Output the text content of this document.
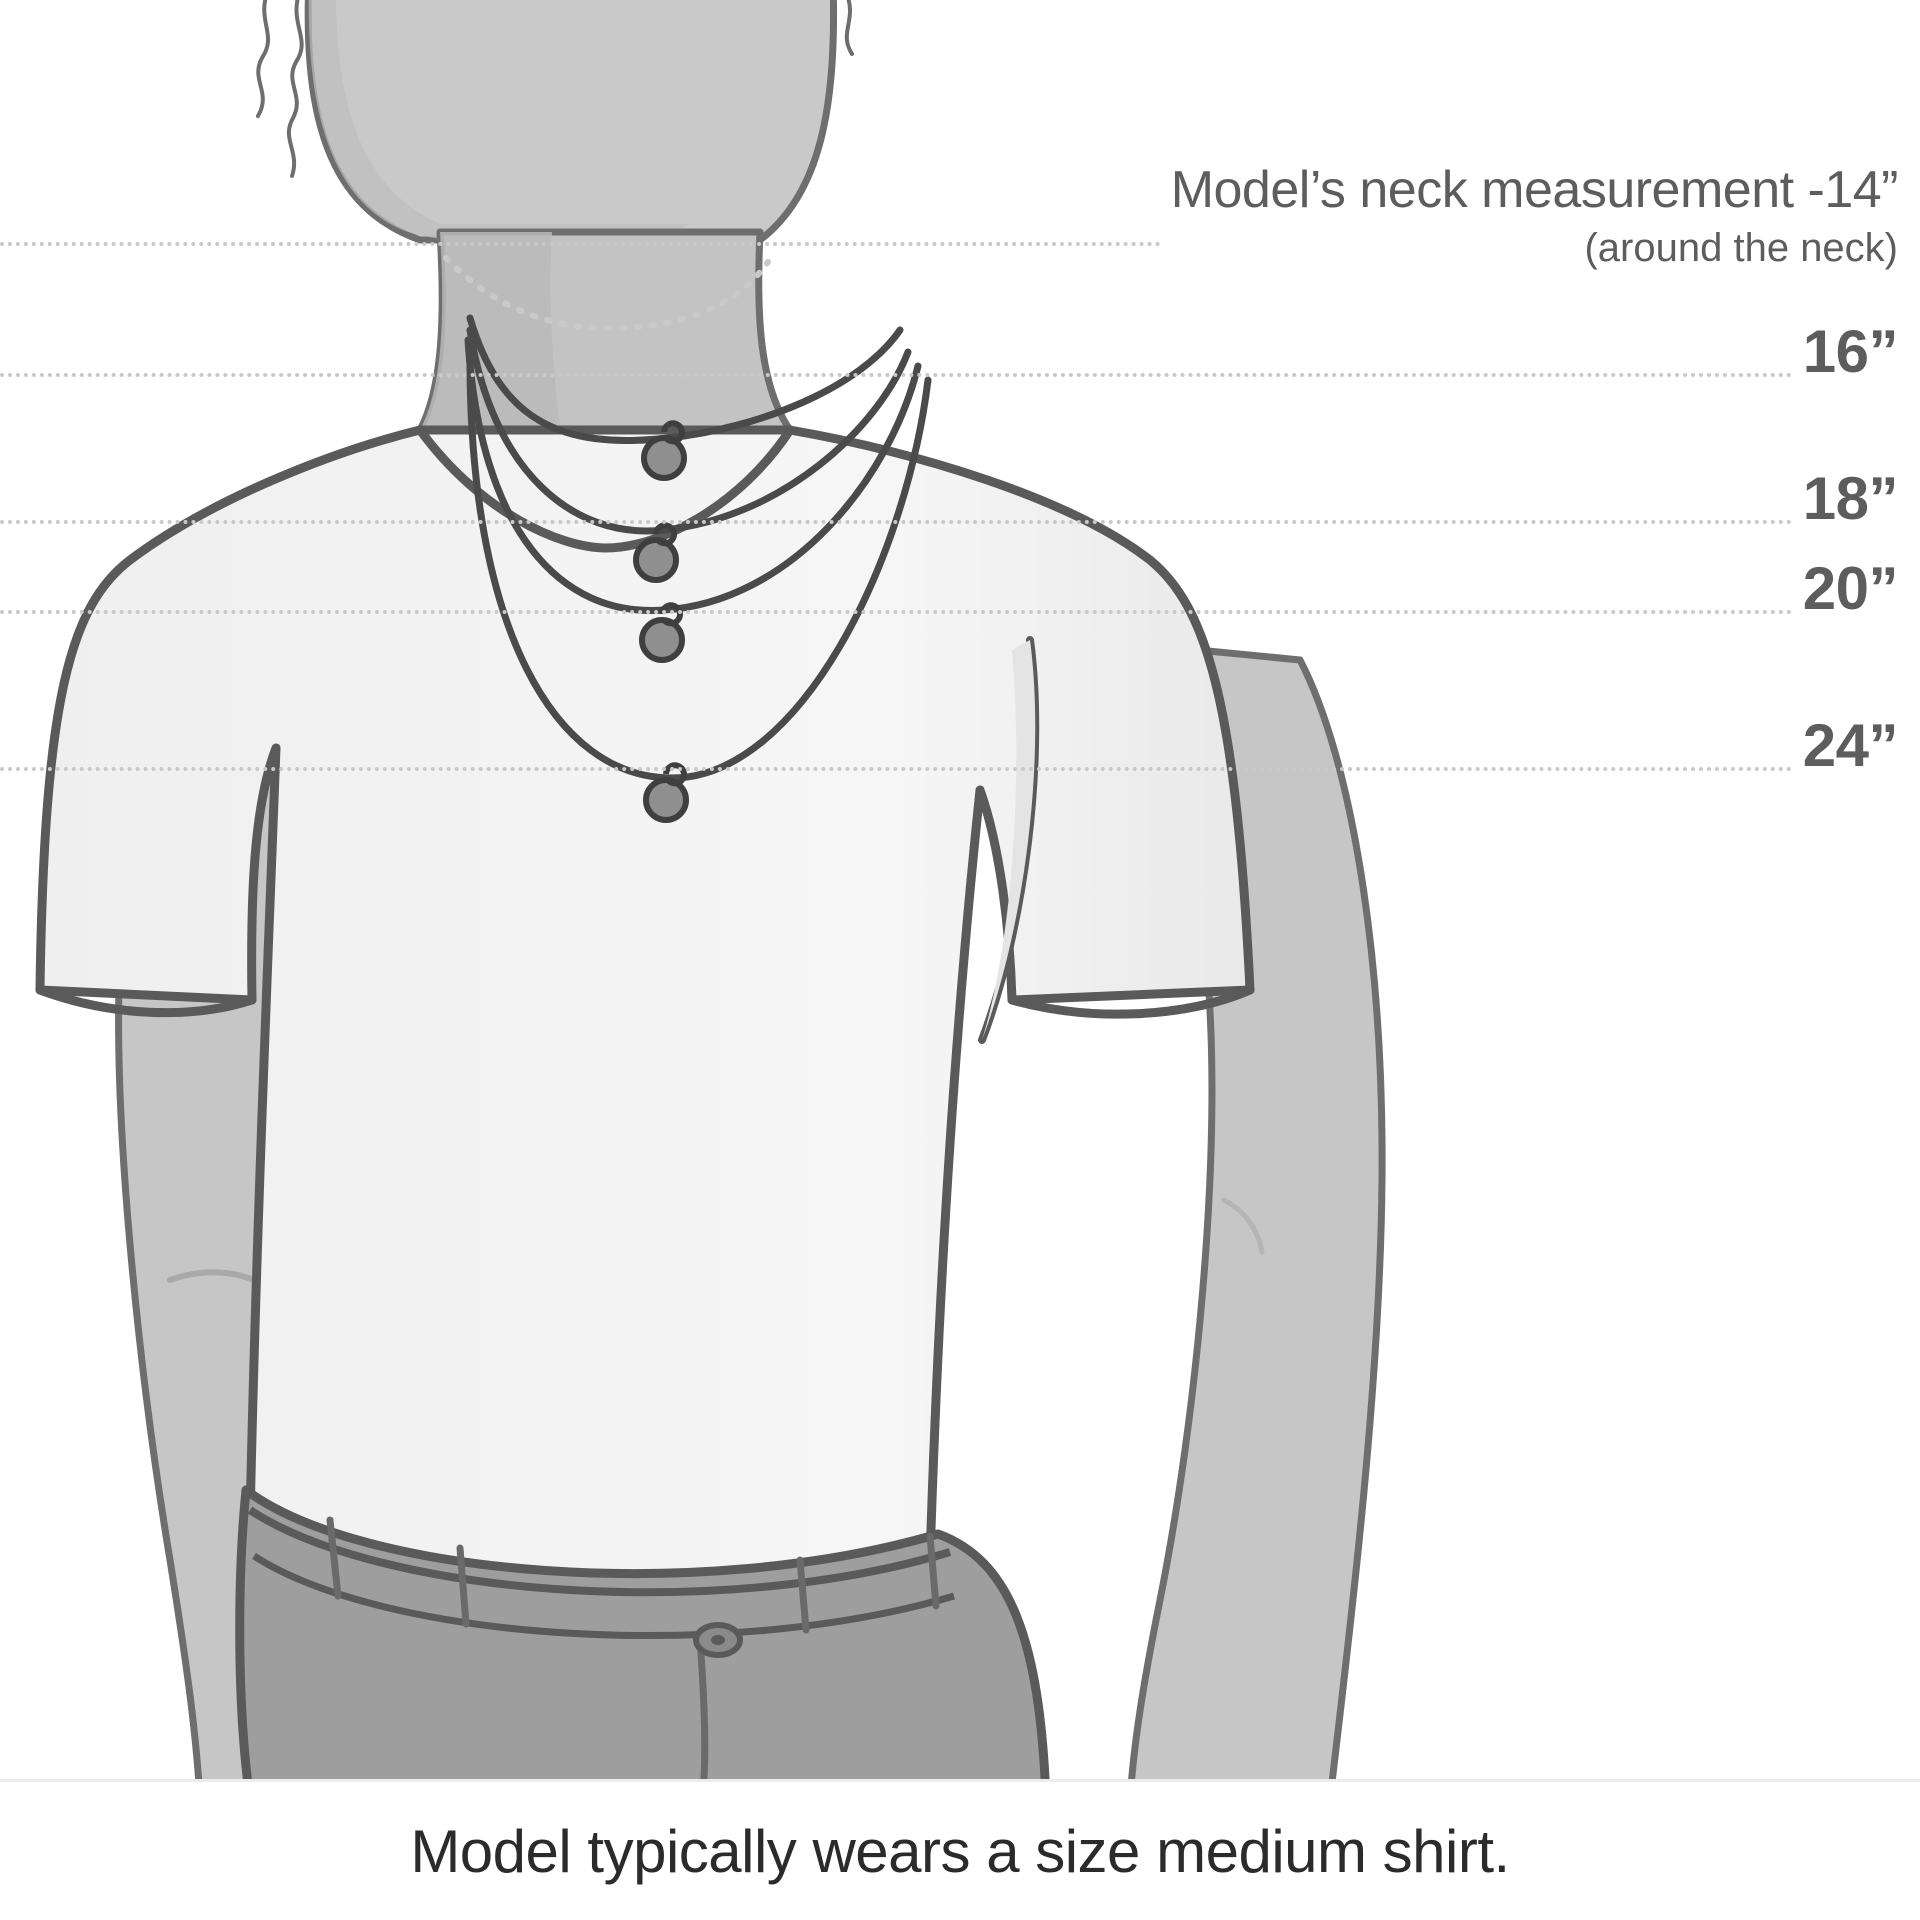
Model’s neck measurement -14”
(around the neck)
16”
18”
20”
24”
Model typically wears a size medium shirt.
